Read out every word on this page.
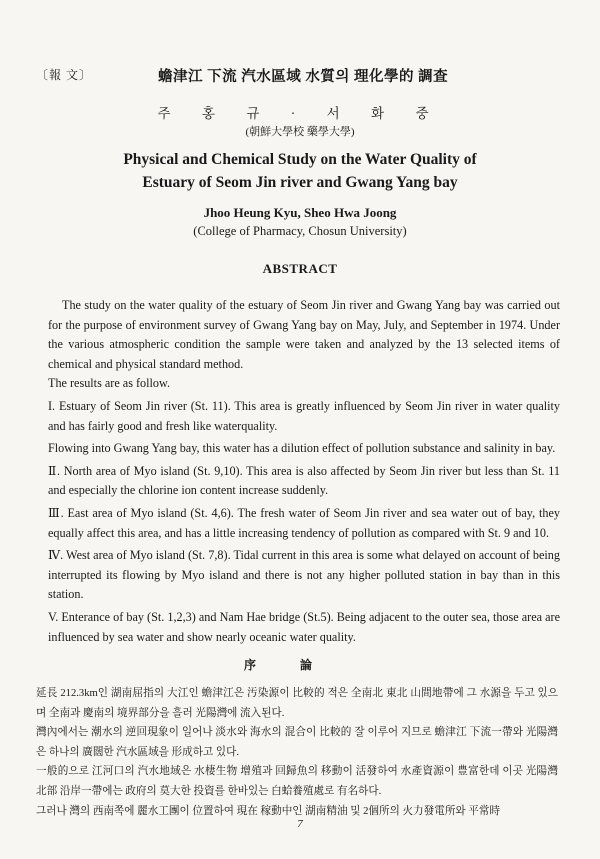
〔報 文〕	蟾津江 下流 汽水區域 水質의 理化學的 調査
주 홍 규 · 서 화 중
(朝鮮大學校 藥學大學)
Physical and Chemical Study on the Water Quality of
Estuary of Seom Jin river and Gwang Yang bay
Jhoo Heung Kyu, Sheo Hwa Joong
(College of Pharmacy, Chosun University)
ABSTRACT

The study on the water quality of the estuary of Seom Jin river and Gwang Yang bay was carried out for the purpose of environment survey of Gwang Yang bay on May, July, and September in 1974. Under the various atmospheric condition the sample were taken and analyzed by the 13 selected items of chemical and physical standard method.

The results are as follow.

I. Estuary of Seom Jin river (St. 11). This area is greatly influenced by Seom Jin river in water quality and has fairly good and fresh like waterquality.

Flowing into Gwang Yang bay, this water has a dilution effect of pollution substance and salinity in bay.

Ⅱ. North area of Myo island (St. 9,10). This area is also affected by Seom Jin river but less than St. 11 and especially the chlorine ion content increase suddenly.

Ⅲ. East area of Myo island (St. 4,6). The fresh water of Seom Jin river and sea water out of bay, they equally affect this area, and has a little increasing tendency of pollution as compared with St. 9 and 10.

Ⅳ. West area of Myo island (St. 7,8). Tidal current in this area is some what delayed on account of being interrupted its flowing by Myo island and there is not any higher polluted station in bay than in this station.

V. Enterance of bay (St. 1,2,3) and Nam Hae bridge (St.5). Being adjacent to the outer sea, those area are influenced by sea water and show nearly oceanic water quality.

序論

延長 212.3km인 湖南屈指의 大江인 蟾津江은 汚染源이 比較的 적은 全南北 東北 山間地帶에 그 水源을 두고 있으며 全南과 慶南의 境界部分을 흘러 光陽灣에 流入된다.

灣內에서는 潮水의 逆回現象이 일어나 淡水와 海水의 混合이 比較的 잘 이루어 지므로 蟾津江 下流一帶와 光陽灣은 하나의 廣闊한 汽水區域을 形成하고 있다.

一般的으로 江河口의 汽水地域은 水棲生物 增殖과 回歸魚의 移動이 活發하여 水產資源이 豊富한데 이곳 光陽灣 北部 沿岸一帶에는 政府의 莫大한 投資를 한바있는 白蛤養殖處로 有名하다.

그러나 灣의 西南쪽에 麗水工團이 位置하여 現在 稼動中인 湖南精油 및 2個所의 火力發電所와 平常時

7
